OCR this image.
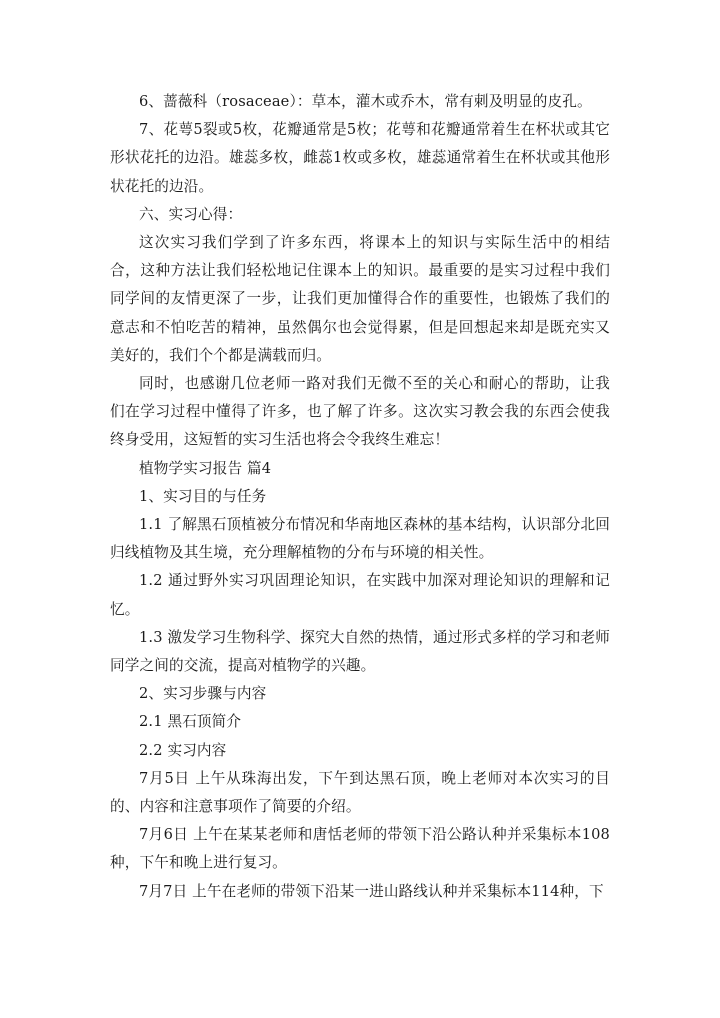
6、蔷薇科（rosaceae）：草本，灌木或乔木，常有刺及明显的皮孔。

7、花萼5裂或5枚，花瓣通常是5枚；花萼和花瓣通常着生在杯状或其它形状花托的边沿。雄蕊多枚，雌蕊1枚或多枚，雄蕊通常着生在杯状或其他形状花托的边沿。

六、实习心得：

这次实习我们学到了许多东西，将课本上的知识与实际生活中的相结合，这种方法让我们轻松地记住课本上的知识。最重要的是实习过程中我们同学间的友情更深了一步，让我们更加懂得合作的重要性，也锻炼了我们的意志和不怕吃苦的精神，虽然偶尔也会觉得累，但是回想起来却是既充实又美好的，我们个个都是满载而归。

同时，也感谢几位老师一路对我们无微不至的关心和耐心的帮助，让我们在学习过程中懂得了许多，也了解了许多。这次实习教会我的东西会使我终身受用，这短暂的实习生活也将会令我终生难忘！

植物学实习报告 篇4

1、实习目的与任务

1.1 了解黑石顶植被分布情况和华南地区森林的基本结构，认识部分北回归线植物及其生境，充分理解植物的分布与环境的相关性。

1.2 通过野外实习巩固理论知识，在实践中加深对理论知识的理解和记忆。

1.3 激发学习生物科学、探究大自然的热情，通过形式多样的学习和老师同学之间的交流，提高对植物学的兴趣。

2、实习步骤与内容

2.1 黑石顶简介

2.2 实习内容

7月5日 上午从珠海出发，下午到达黑石顶，晚上老师对本次实习的目的、内容和注意事项作了简要的介绍。

7月6日 上午在某某老师和唐恬老师的带领下沿公路认种并采集标本108种，下午和晚上进行复习。

7月7日 上午在老师的带领下沿某一进山路线认种并采集标本114种，下
